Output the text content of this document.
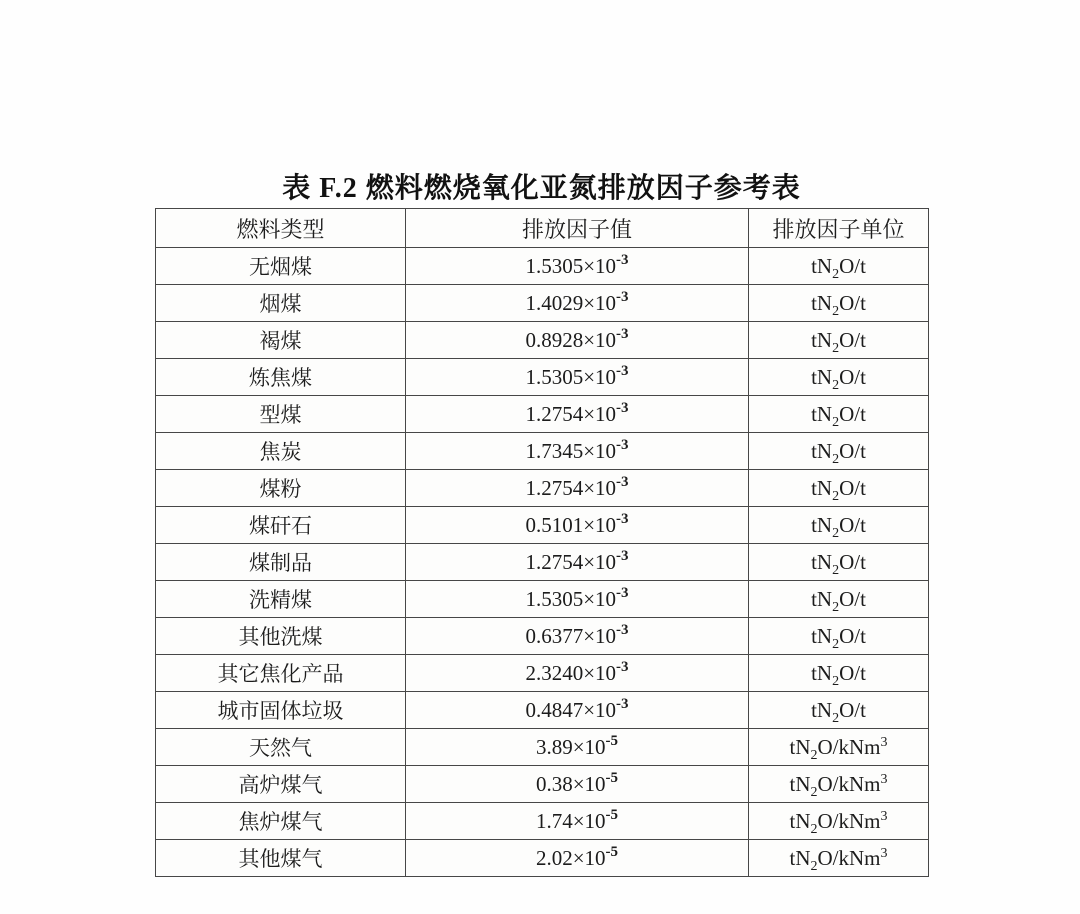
表 F.2 燃料燃烧氧化亚氮排放因子参考表
燃料类型	排放因子值	排放因子单位
无烟煤	$1.5305\times 10^{-3}$	$tN_2O/t$
烟煤	$1.4029\times 10^{-3}$	$tN_2O/t$
褐煤	$0.8928\times 10^{-3}$	$tN_2O/t$
炼焦煤	$1.5305\times 10^{-3}$	$tN_2O/t$
型煤	$1.2754\times 10^{-3}$	$tN_2O/t$
焦炭	$1.7345\times 10^{-3}$	$tN_2O/t$
煤粉	$1.2754\times 10^{-3}$	$tN_2O/t$
煤矸石	$0.5101\times 10^{-3}$	$tN_2O/t$
煤制品	$1.2754\times 10^{-3}$	$tN_2O/t$
洗精煤	$1.5305\times 10^{-3}$	$tN_2O/t$
其他洗煤	$0.6377\times 10^{-3}$	$tN_2O/t$
其它焦化产品	$2.3240\times 10^{-3}$	$tN_2O/t$
城市固体垃圾	$0.4847\times 10^{-3}$	$tN_2O/t$
天然气	$3.89\times 10^{-5}$	$tN_2O/kNm^3$
高炉煤气	$0.38\times 10^{-5}$	$tN_2O/kNm^3$
焦炉煤气	$1.74\times 10^{-5}$	$tN_2O/kNm^3$
其他煤气	$2.02\times 10^{-5}$	$tN_2O/kNm^3$
